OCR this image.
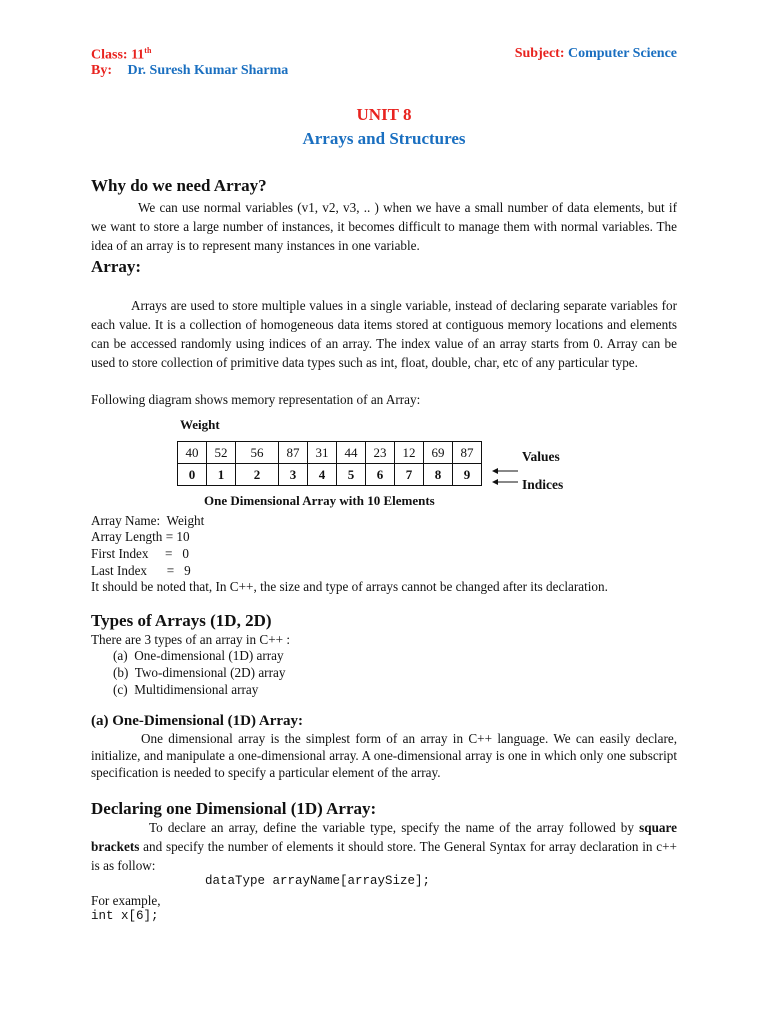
Class: 11th
By: Dr. Suresh Kumar Sharma
Subject: Computer Science
UNIT 8
Arrays and Structures
Why do we need Array?
We can use normal variables (v1, v2, v3, .. ) when we have a small number of data elements, but if we want to store a large number of instances, it becomes difficult to manage them with normal variables. The idea of an array is to represent many instances in one variable.
Array:
Arrays are used to store multiple values in a single variable, instead of declaring separate variables for each value. It is a collection of homogeneous data items stored at contiguous memory locations and elements can be accessed randomly using indices of an array. The index value of an array starts from 0. Array can be used to store collection of primitive data types such as int, float, double, char, etc of any particular type.
Following diagram shows memory representation of an Array:
Weight
40	52	56	87	31	44	23	12	69	87
0	1	2	3	4	5	6	7	8	9
Values
Indices
One Dimensional Array with 10 Elements
Array Name:  Weight
Array Length = 10
First Index     =   0
Last Index      =   9
It should be noted that, In C++, the size and type of arrays cannot be changed after its declaration.
Types of Arrays (1D, 2D)
There are 3 types of an array in C++ :
(a)  One-dimensional (1D) array
(b)  Two-dimensional (2D) array
(c)  Multidimensional array
(a) One-Dimensional (1D) Array:
One dimensional array is the simplest form of an array in C++ language. We can easily declare, initialize, and manipulate a one-dimensional array. A one-dimensional array is one in which only one subscript specification is needed to specify a particular element of the array.
Declaring one Dimensional (1D) Array:
To declare an array, define the variable type, specify the name of the array followed by square brackets and specify the number of elements it should store. The General Syntax for array declaration in c++ is as follow:
dataType arrayName[arraySize];
For example,
int x[6];
